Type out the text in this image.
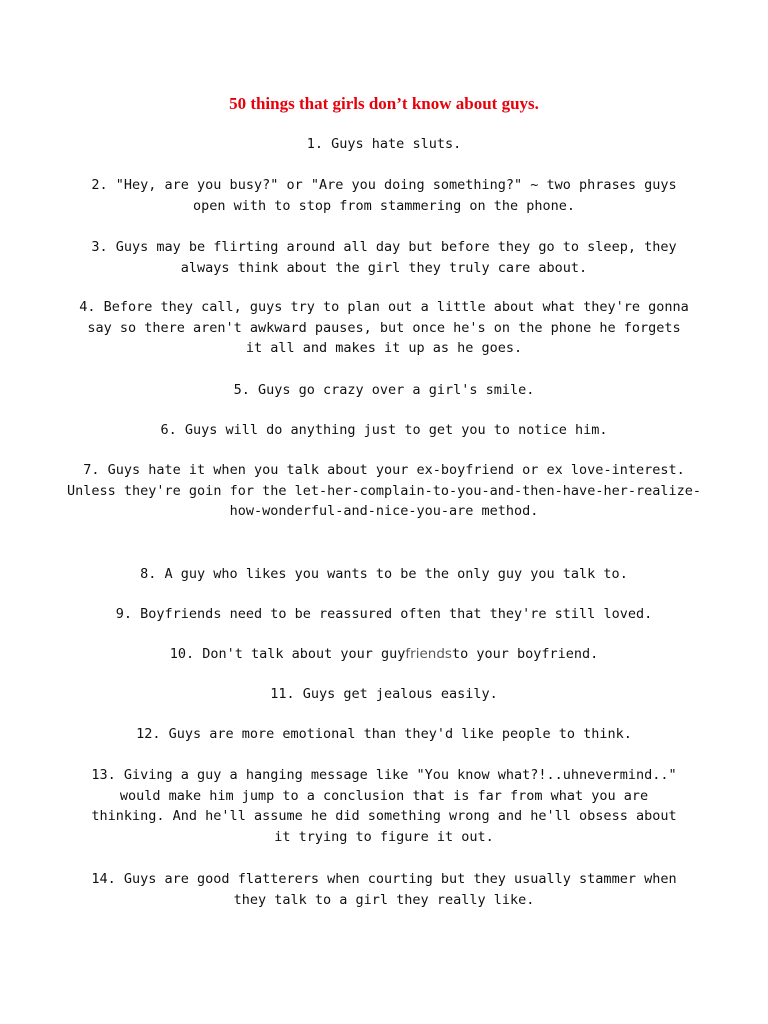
50 things that girls don’t know about guys.
1. Guys hate sluts.
2. "Hey, are you busy?" or "Are you doing something?" ~ two phrases guys open with to stop from stammering on the phone.
3. Guys may be flirting around all day but before they go to sleep, they always think about the girl they truly care about.
4. Before they call, guys try to plan out a little about what they're gonna say so there aren't awkward pauses, but once he's on the phone he forgets it all and makes it up as he goes.
5. Guys go crazy over a girl's smile.
6. Guys will do anything just to get you to notice him.
7. Guys hate it when you talk about your ex-boyfriend or ex love-interest.
Unless they're goin for the let-her-complain-to-you-and-then-have-her-realize-
how-wonderful-and-nice-you-are method.
8. A guy who likes you wants to be the only guy you talk to.
9. Boyfriends need to be reassured often that they're still loved.
10. Don't talk about your guyfriendsto your boyfriend.
11. Guys get jealous easily.
12. Guys are more emotional than they'd like people to think.
13. Giving a guy a hanging message like "You know what?!..uhnevermind.." would make him jump to a conclusion that is far from what you are thinking. And he'll assume he did something wrong and he'll obsess about it trying to figure it out.
14. Guys are good flatterers when courting but they usually stammer when they talk to a girl they really like.
